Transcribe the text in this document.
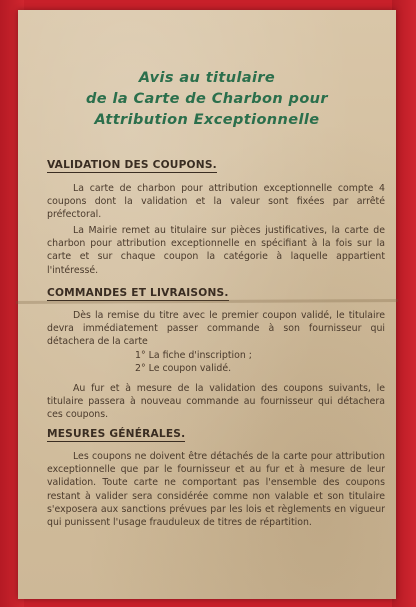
Avis au titulaire
de la Carte de Charbon pour
Attribution Exceptionnelle
VALIDATION DES COUPONS.
La carte de charbon pour attribution exceptionnelle compte 4 coupons dont la validation et la valeur sont fixées par arrêté préfectoral.
La Mairie remet au titulaire sur pièces justificatives, la carte de charbon pour attribution exceptionnelle en spécifiant à la fois sur la carte et sur chaque coupon la catégorie à laquelle appartient l'intéressé.
COMMANDES ET LIVRAISONS.
Dès la remise du titre avec le premier coupon validé, le titulaire devra immédiatement passer commande à son fournisseur qui détachera de la carte
1° La fiche d'inscription ;
2° Le coupon validé.
Au fur et à mesure de la validation des coupons suivants, le titulaire passera à nouveau commande au fournisseur qui détachera ces coupons.
MESURES GÉNÉRALES.
Les coupons ne doivent être détachés de la carte pour attribution exceptionnelle que par le fournisseur et au fur et à mesure de leur validation. Toute carte ne comportant pas l'ensemble des coupons restant à valider sera considérée comme non valable et son titulaire s'exposera aux sanctions prévues par les lois et règlements en vigueur qui punissent l'usage frauduleux de titres de répartition.
